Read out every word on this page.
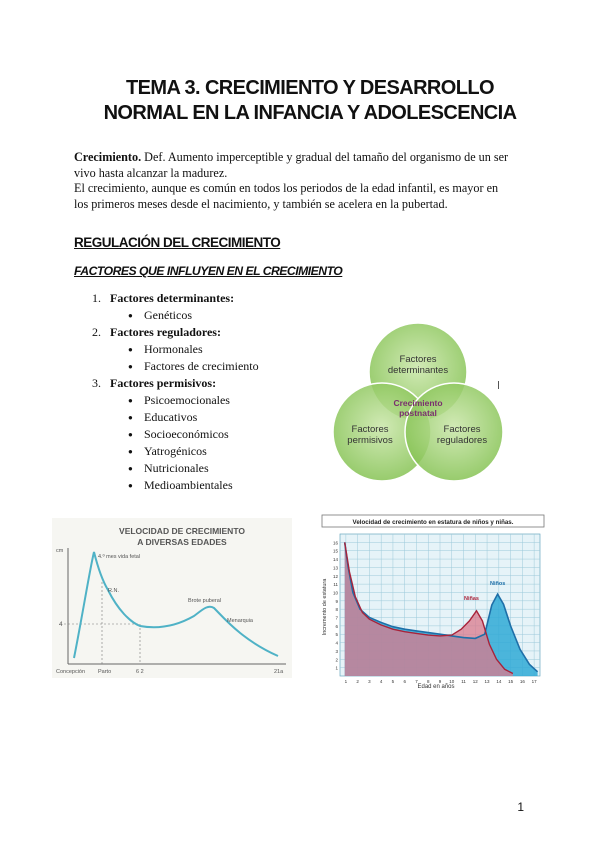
TEMA 3. CRECIMIENTO Y DESARROLLO
NORMAL EN LA INFANCIA Y ADOLESCENCIA
Crecimiento. Def. Aumento imperceptible y gradual del tamaño del organismo de un ser
vivo hasta alcanzar la madurez.
El crecimiento, aunque es común en todos los periodos de la edad infantil, es mayor en
los primeros meses desde el nacimiento, y también se acelera en la pubertad.
REGULACIÓN DEL CRECIMIENTO
FACTORES QUE INFLUYEN EN EL CRECIMIENTO
1. Factores determinantes:
● Genéticos
2. Factores reguladores:
● Hormonales
● Factores de crecimiento
3. Factores permisivos:
● Psicoemocionales
● Educativos
● Socioeconómicos
● Yatrogénicos
● Nutricionales
● Medioambientales
Factores
determinantes
Factores
permisivos
Factores
reguladores
Crecimiento
postnatal
VELOCIDAD DE CRECIMIENTO
A DIVERSAS EDADES
cm
4
4.º mes vida fetal
R.N.
Brote puberal
Menarquia
Concepción Parto	6 2	21a
Velocidad de crecimiento en estatura de niños y niñas.
1
2
3
4
5
6
7
8
9
10
11
12
13
14
15
16
1 2 3 4 5 6 7 8 9 10 11 12 13 14 15 16 17
Incremento de estatura
Edad en años
Niñas
Niños
1
